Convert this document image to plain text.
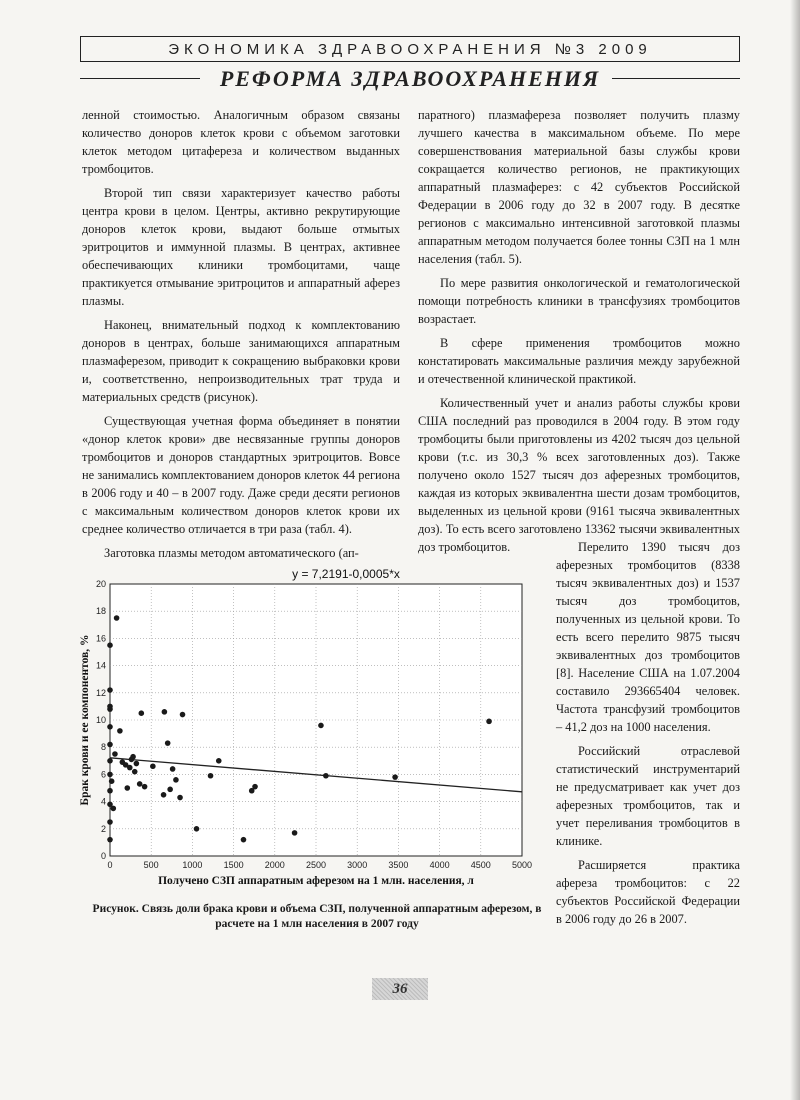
ЭКОНОМИКА ЗДРАВООХРАНЕНИЯ №3 2009
РЕФОРМА ЗДРАВООХРАНЕНИЯ

ленной стоимостью. Аналогичным образом связаны количество доноров клеток крови с объемом заготовки клеток методом цитафереза и количеством выданных тромбоцитов.

Второй тип связи характеризует качество работы центра крови в целом. Центры, активно рекрутирующие доноров клеток крови, выдают больше отмытых эритроцитов и иммунной плазмы. В центрах, активнее обеспечивающих клиники тромбоцитами, чаще практикуется отмывание эритроцитов и аппаратный аферез плазмы.

Наконец, внимательный подход к комплектованию доноров в центрах, больше занимающихся аппаратным плазмаферезом, приводит к сокращению выбраковки крови и, соответственно, непроизводительных трат труда и материальных средств (рисунок).

Существующая учетная форма объединяет в понятии «донор клеток крови» две несвязанные группы доноров тромбоцитов и доноров стандартных эритроцитов. Вовсе не занимались комплектованием доноров клеток 44 региона в 2006 году и 40 – в 2007 году. Даже среди десяти регионов с максимальным количеством доноров клеток крови их среднее количество отличается в три раза (табл. 4).

Заготовка плазмы методом автоматического (ап-

паратного) плазмафереза позволяет получить плазму лучшего качества в максимальном объеме. По мере совершенствования материальной базы службы крови сокращается количество регионов, не практикующих аппаратный плазмаферез: с 42 субъектов Российской Федерации в 2006 году до 32 в 2007 году. В десятке регионов с максимально интенсивной заготовкой плазмы аппаратным методом получается более тонны СЗП на 1 млн населения (табл. 5).

По мере развития онкологической и гематологической помощи потребность клиники в трансфузиях тромбоцитов возрастает.

В сфере применения тромбоцитов можно констатировать максимальные различия между зарубежной и отечественной клинической практикой.

Количественный учет и анализ работы службы крови США последний раз проводился в 2004 году. В этом году тромбоциты были приготовлены из 4202 тысяч доз цельной крови (т.с. из 30,3 % всех заготовленных доз). Также получено около 1527 тысяч доз аферезных тромбоцитов, каждая из которых эквивалентна шести дозам тромбоцитов, выделенных из цельной крови (9161 тысяча эквивалентных доз). То есть всего заготовлено 13362 тысячи эквивалентных доз тромбоцитов.	Перелито 1390 тысяч доз аферезных тромбоцитов (8338 тысяч эквивалентных доз) и 1537 тысяч доз тромбоцитов, полученных из цельной крови. То есть всего перелито 9875 тысяч эквивалентных доз тромбоцитов [8]. Население США на 1.07.2004 составило 293665404 человек. Частота трансфузий тромбоцитов – 41,2 доз на 1000 населения.

Российский отраслевой статистический инструментарий не предусматривает как учет доз аферезных тромбоцитов, так и учет переливания тромбоцитов в клинике.

Расширяется практика афереза тромбоцитов: с 22 субъектов Российской Федерации в 2006 году до 26 в 2007.

0	500	1000 1500 2000 2500 3000 3500 4000 4500 5000
0
2
4
6
8
10
12
14
16
18
20
y = 7,2191-0,0005*x
Получено СЗП аппаратным аферезом на 1 млн. населения, л
Брак крови и ее компонентов, %
Рисунок. Связь доли брака крови и объема СЗП, полученной аппаратным аферезом, в расчете на 1 млн населения в 2007 году
36
